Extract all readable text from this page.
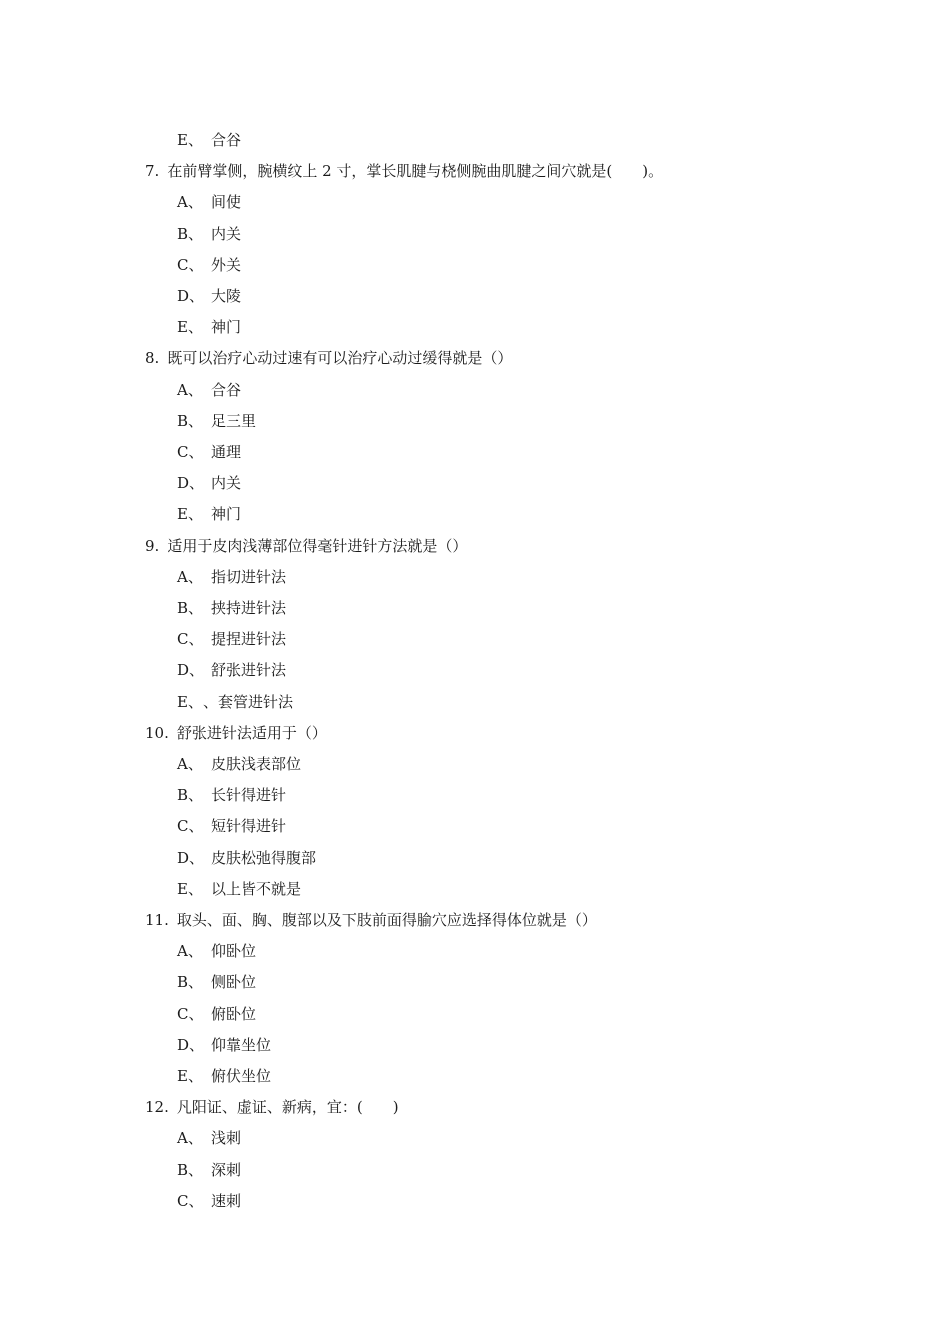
E、 合谷
7. 在前臂掌侧，腕横纹上 2 寸，掌长肌腱与桡侧腕曲肌腱之间穴就是(　　)。
A、 间使
B、 内关
C、 外关
D、 大陵
E、 神门
8. 既可以治疗心动过速有可以治疗心动过缓得就是（）
A、 合谷
B、 足三里
C、 通理
D、 内关
E、 神门
9. 适用于皮肉浅薄部位得毫针进针方法就是（）
A、 指切进针法
B、 挟持进针法
C、 提捏进针法
D、 舒张进针法
E、、套管进针法
10. 舒张进针法适用于（）
A、 皮肤浅表部位
B、 长针得进针
C、 短针得进针
D、 皮肤松弛得腹部
E、 以上皆不就是
11. 取头、面、胸、腹部以及下肢前面得腧穴应选择得体位就是（）
A、 仰卧位
B、 侧卧位
C、 俯卧位
D、 仰靠坐位
E、 俯伏坐位
12. 凡阳证、虚证、新病，宜：(　　)
A、 浅刺
B、 深刺
C、 速刺
